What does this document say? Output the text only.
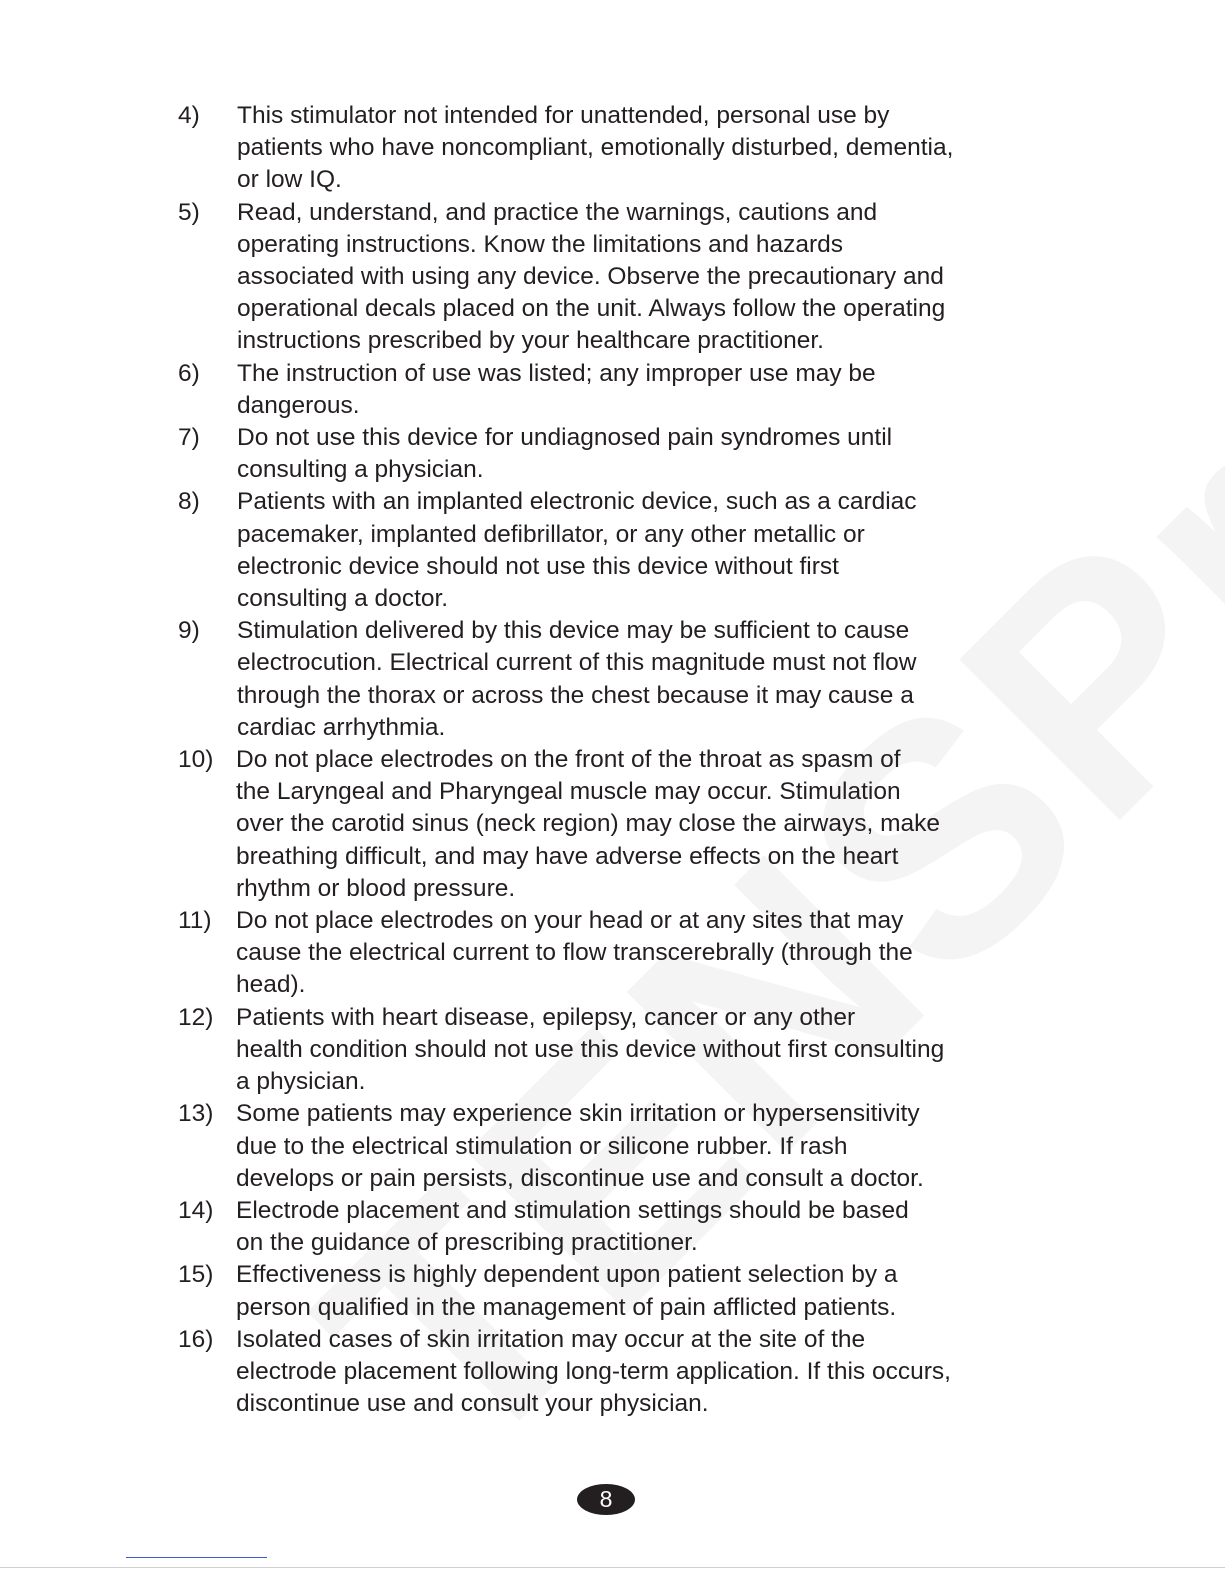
4)	This stimulator not intended for unattended, personal use by
patients who have noncompliant, emotionally disturbed, dementia,
or low IQ.
5)	Read, understand, and practice the warnings, cautions and
operating instructions. Know the limitations and hazards
associated with using any device. Observe the precautionary and
operational decals placed on the unit. Always follow the operating
instructions prescribed by your healthcare practitioner.
6)	The instruction of use was listed; any improper use may be
dangerous.
7)	Do not use this device for undiagnosed pain syndromes until
consulting a physician.
8)	Patients with an implanted electronic device, such as a cardiac
pacemaker, implanted defibrillator, or any other metallic or
electronic device should not use this device without first
consulting a doctor.
9)	Stimulation delivered by this device may be sufficient to cause
electrocution. Electrical current of this magnitude must not flow
through the thorax or across the chest because it may cause a
cardiac arrhythmia.
10) Do not place electrodes on the front of the throat as spasm of
the Laryngeal and Pharyngeal muscle may occur. Stimulation
over the carotid sinus (neck region) may close the airways, make
breathing difficult, and may have adverse effects on the heart
rhythm or blood pressure.
11) Do not place electrodes on your head or at any sites that may
cause the electrical current to flow transcerebrally (through the
head).
12) Patients with heart disease, epilepsy, cancer or any other
health condition should not use this device without first consulting
a physician.
13) Some patients may experience skin irritation or hypersensitivity
due to the electrical stimulation or silicone rubber. If rash
develops or pain persists, discontinue use and consult a doctor.
14) Electrode placement and stimulation settings should be based
on the guidance of prescribing practitioner.
15) Effectiveness is highly dependent upon patient selection by a
person qualified in the management of pain afflicted patients.
16) Isolated cases of skin irritation may occur at the site of the
electrode placement following long-term application. If this occurs,
discontinue use and consult your physician.
8
